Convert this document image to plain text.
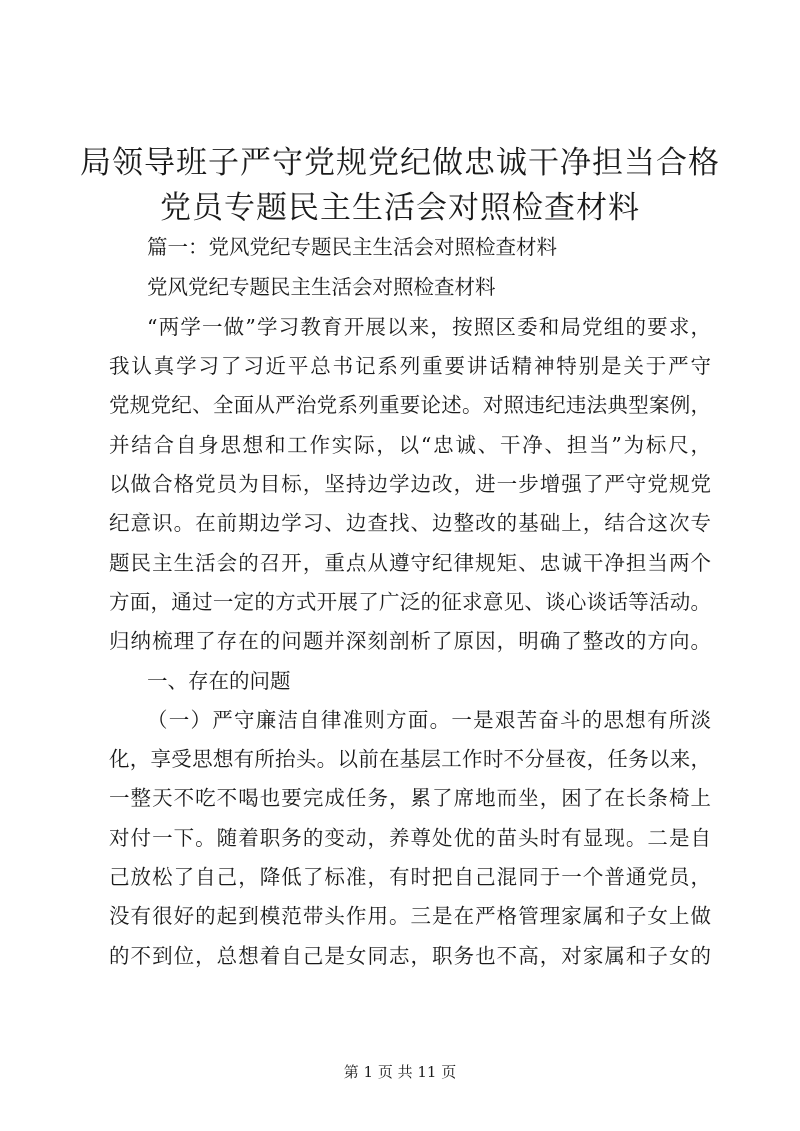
局领导班子严守党规党纪做忠诚干净担当合格
党员专题民主生活会对照检查材料
篇一：党风党纪专题民主生活会对照检查材料
党风党纪专题民主生活会对照检查材料
“两学一做”学习教育开展以来，按照区委和局党组的要求，
我认真学习了习近平总书记系列重要讲话精神特别是关于严守
党规党纪、全面从严治党系列重要论述。对照违纪违法典型案例，
并结合自身思想和工作实际，以“忠诚、干净、担当”为标尺，
以做合格党员为目标，坚持边学边改，进一步增强了严守党规党
纪意识。在前期边学习、边查找、边整改的基础上，结合这次专
题民主生活会的召开，重点从遵守纪律规矩、忠诚干净担当两个
方面，通过一定的方式开展了广泛的征求意见、谈心谈话等活动。
归纳梳理了存在的问题并深刻剖析了原因，明确了整改的方向。
一、存在的问题
（一）严守廉洁自律准则方面。一是艰苦奋斗的思想有所淡
化，享受思想有所抬头。以前在基层工作时不分昼夜，任务以来，
一整天不吃不喝也要完成任务，累了席地而坐，困了在长条椅上
对付一下。随着职务的变动，养尊处优的苗头时有显现。二是自
己放松了自己，降低了标准，有时把自己混同于一个普通党员，
没有很好的起到模范带头作用。三是在严格管理家属和子女上做
的不到位，总想着自己是女同志，职务也不高，对家属和子女的
第 1 页 共 11 页
